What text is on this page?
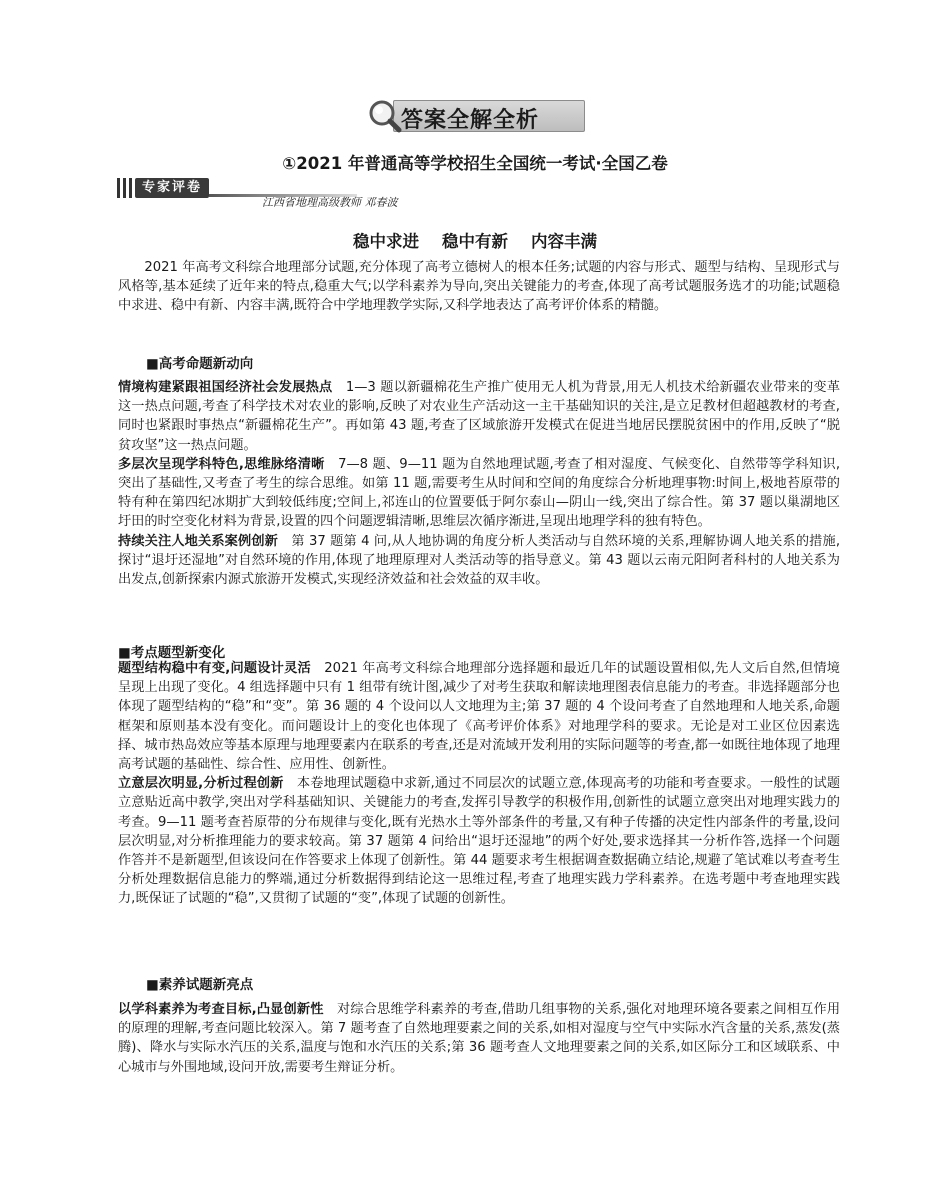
答案全解全析
①2021 年普通高等学校招生全国统一考试·全国乙卷
专家评卷
江西省地理高级教师 邓春波
稳中求进    稳中有新    内容丰满

2021 年高考文科综合地理部分试题,充分体现了高考立德树人的根本任务;试题的内容与形式、题型与结构、呈现形式与风格等,基本延续了近年来的特点,稳重大气;以学科素养为导向,突出关键能力的考查,体现了高考试题服务选才的功能;试题稳中求进、稳中有新、内容丰满,既符合中学地理教学实际,又科学地表达了高考评价体系的精髓。

■高考命题新动向

情境构建紧跟祖国经济社会发展热点　 1—3 题以新疆棉花生产推广使用无人机为背景,用无人机技术给新疆农业带来的变革这一热点问题,考查了科学技术对农业的影响,反映了对农业生产活动这一主干基础知识的关注,是立足教材但超越教材的考查,同时也紧跟时事热点“新疆棉花生产”。再如第 43 题,考查了区域旅游开发模式在促进当地居民摆脱贫困中的作用,反映了“脱贫攻坚”这一热点问题。

多层次呈现学科特色,思维脉络清晰　 7—8 题、9—11 题为自然地理试题,考查了相对湿度、气候变化、自然带等学科知识,突出了基础性,又考查了考生的综合思维。如第 11 题,需要考生从时间和空间的角度综合分析地理事物:时间上,极地苔原带的特有种在第四纪冰期扩大到较低纬度;空间上,祁连山的位置要低于阿尔泰山—阴山一线,突出了综合性。第 37 题以巢湖地区圩田的时空变化材料为背景,设置的四个问题逻辑清晰,思维层次循序渐进,呈现出地理学科的独有特色。

持续关注人地关系案例创新　 第 37 题第 4 问,从人地协调的角度分析人类活动与自然环境的关系,理解协调人地关系的措施,探讨“退圩还湿地”对自然环境的作用,体现了地理原理对人类活动等的指导意义。第 43 题以云南元阳阿者科村的人地关系为出发点,创新探索内源式旅游开发模式,实现经济效益和社会效益的双丰收。

■考点题型新变化

题型结构稳中有变,问题设计灵活　 2021 年高考文科综合地理部分选择题和最近几年的试题设置相似,先人文后自然,但情境呈现上出现了变化。4 组选择题中只有 1 组带有统计图,减少了对考生获取和解读地理图表信息能力的考查。非选择题部分也体现了题型结构的“稳”和“变”。第 36 题的 4 个设问以人文地理为主;第 37 题的 4 个设问考查了自然地理和人地关系,命题框架和原则基本没有变化。而问题设计上的变化也体现了《高考评价体系》对地理学科的要求。无论是对工业区位因素选择、城市热岛效应等基本原理与地理要素内在联系的考查,还是对流域开发利用的实际问题等的考查,都一如既往地体现了地理高考试题的基础性、综合性、应用性、创新性。

立意层次明显,分析过程创新　 本卷地理试题稳中求新,通过不同层次的试题立意,体现高考的功能和考查要求。一般性的试题立意贴近高中教学,突出对学科基础知识、关键能力的考查,发挥引导教学的积极作用,创新性的试题立意突出对地理实践力的考查。9—11 题考查苔原带的分布规律与变化,既有光热水土等外部条件的考量,又有种子传播的决定性内部条件的考量,设问层次明显,对分析推理能力的要求较高。第 37 题第 4 问给出“退圩还湿地”的两个好处,要求选择其一分析作答,选择一个问题作答并不是新题型,但该设问在作答要求上体现了创新性。第 44 题要求考生根据调查数据确立结论,规避了笔试难以考查考生分析处理数据信息能力的弊端,通过分析数据得到结论这一思维过程,考查了地理实践力学科素养。在选考题中考查地理实践力,既保证了试题的“稳”,又贯彻了试题的“变”,体现了试题的创新性。

■素养试题新亮点

以学科素养为考查目标,凸显创新性　 对综合思维学科素养的考查,借助几组事物的关系,强化对地理环境各要素之间相互作用的原理的理解,考查问题比较深入。第 7 题考查了自然地理要素之间的关系,如相对湿度与空气中实际水汽含量的关系,蒸发(蒸腾)、降水与实际水汽压的关系,温度与饱和水汽压的关系;第 36 题考查人文地理要素之间的关系,如区际分工和区域联系、中心城市与外围地域,设问开放,需要考生辩证分析。
